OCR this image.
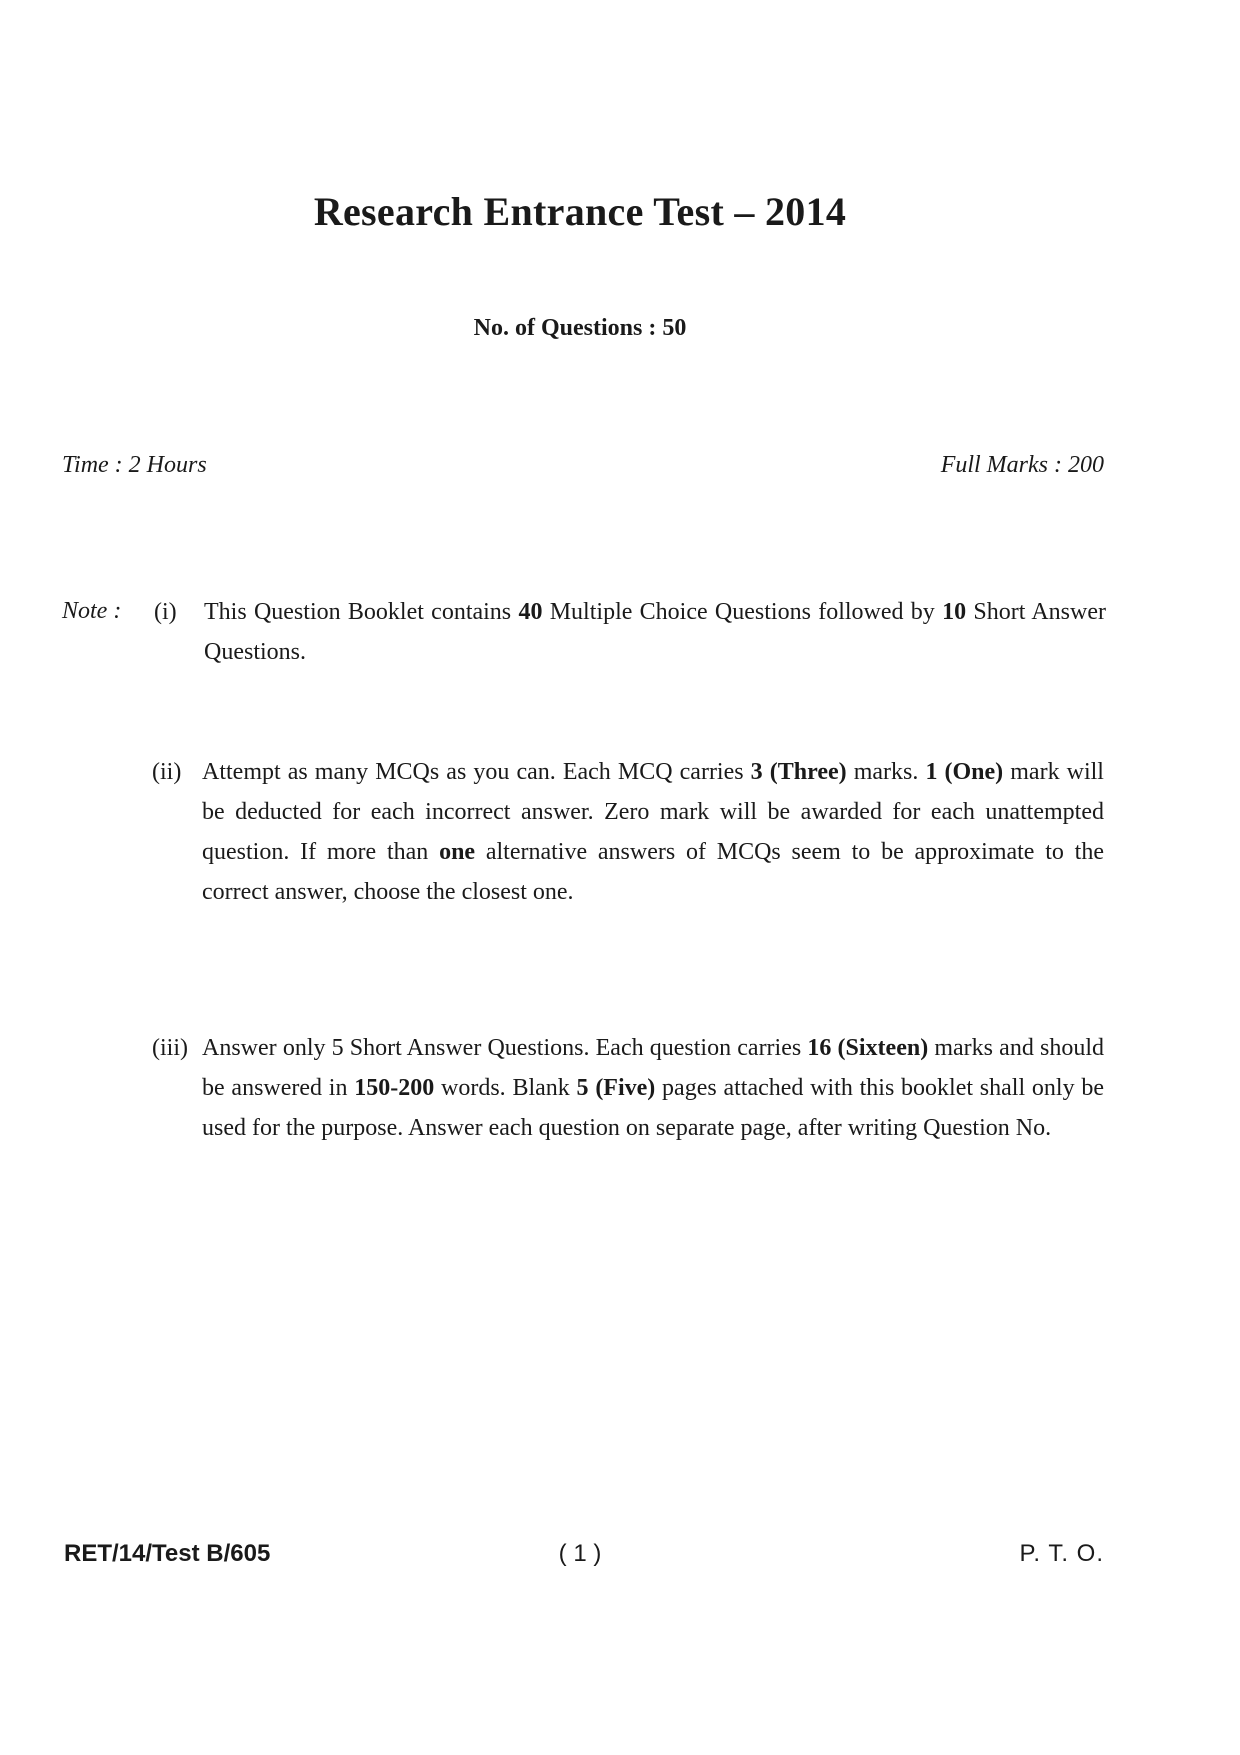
Research Entrance Test – 2014
No. of Questions : 50
Time : 2 Hours	Full Marks : 200
Note : (i) This Question Booklet contains 40 Multiple Choice Questions followed by 10 Short Answer Questions.
(ii) Attempt as many MCQs as you can. Each MCQ carries 3 (Three) marks. 1 (One) mark will be deducted for each incorrect answer. Zero mark will be awarded for each unattempted question. If more than one alternative answers of MCQs seem to be approximate to the correct answer, choose the closest one.
(iii) Answer only 5 Short Answer Questions. Each question carries 16 (Sixteen) marks and should be answered in 150-200 words. Blank 5 (Five) pages attached with this booklet shall only be used for the purpose. Answer each question on separate page, after writing Question No.
RET/14/Test B/605	( 1 )	P. T. O.
